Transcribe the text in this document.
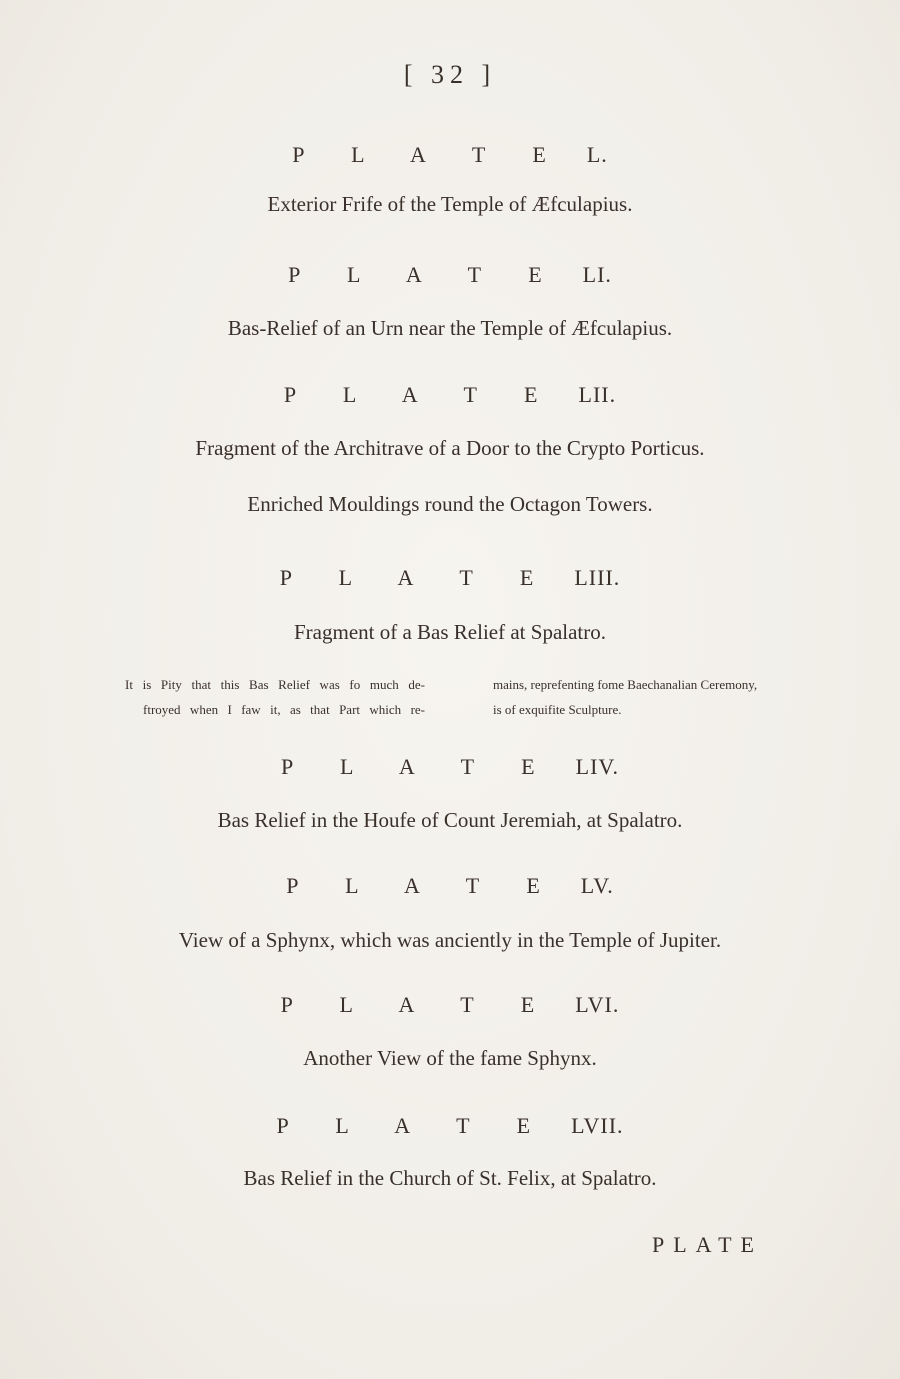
[ 32 ]
P L A T E L.
Exterior Frife of the Temple of Æfculapius.
P L A T E LI.
Bas-Relief of an Urn near the Temple of Æfculapius.
P L A T E LII.
Fragment of the Architrave of a Door to the Crypto Porticus.
Enriched Mouldings round the Octagon Towers.
P L A T E LIII.
Fragment of a Bas Relief at Spalatro.
It is Pity that this Bas Relief was fo much de-
ftroyed when I faw it, as that Part which re-
mains, reprefenting fome Baechanalian Ceremony,
is of exquifite Sculpture.
P L A T E LIV.
Bas Relief in the Houfe of Count Jeremiah, at Spalatro.
P L A T E LV.
View of a Sphynx, which was anciently in the Temple of Jupiter.
P L A T E LVI.
Another View of the fame Sphynx.
P L A T E LVII.
Bas Relief in the Church of St. Felix, at Spalatro.
PLATE
